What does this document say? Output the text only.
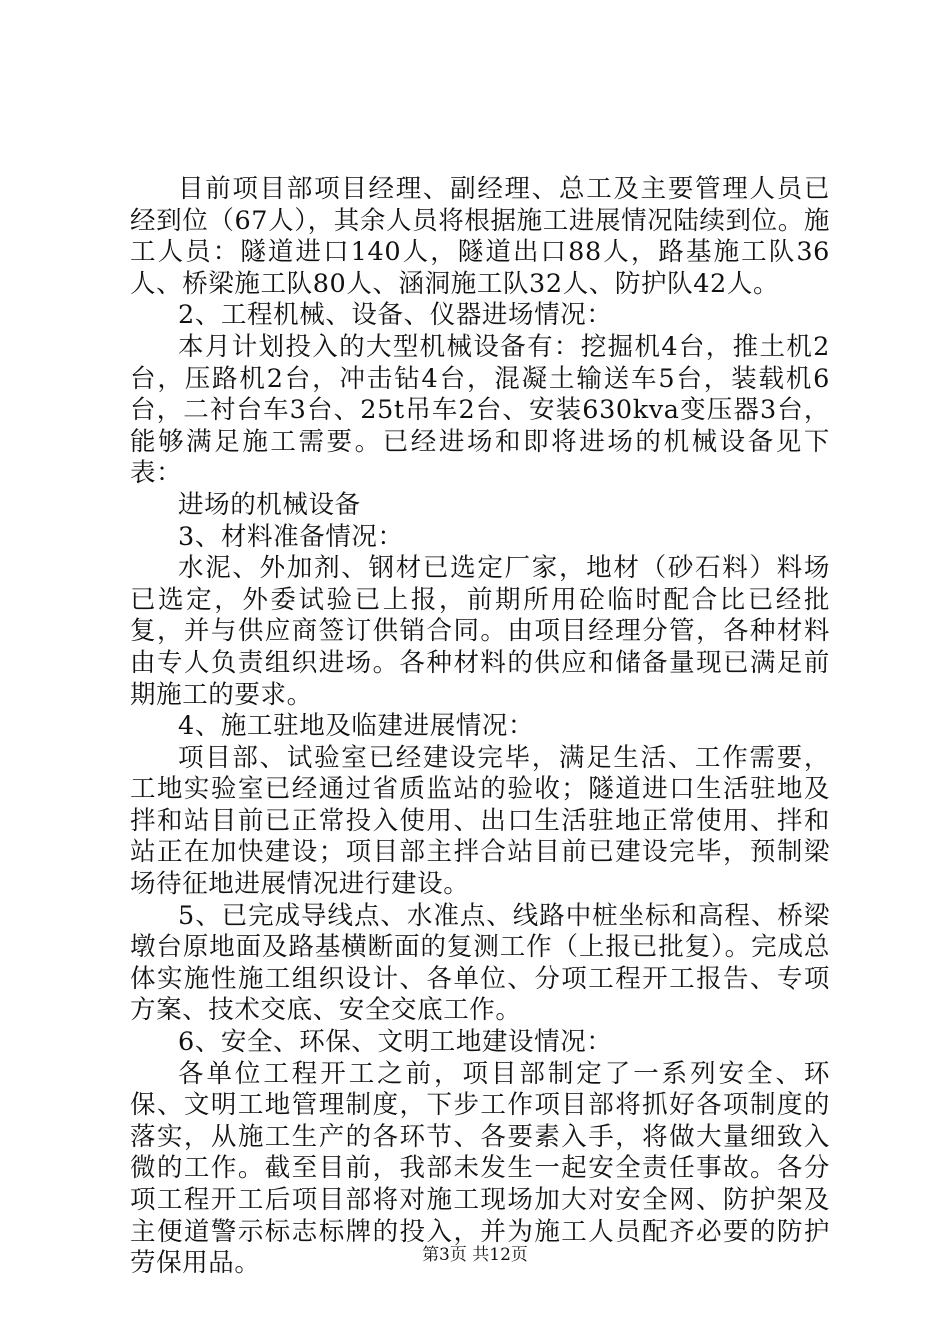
目前项目部项目经理、副经理、总工及主要管理人员已经到位（67人），其余人员将根据施工进展情况陆续到位。施工人员：隧道进口140人，隧道出口88人，路基施工队36人、桥梁施工队80人、涵洞施工队32人、防护队42人。

2、工程机械、设备、仪器进场情况：

本月计划投入的大型机械设备有：挖掘机4台，推土机2台，压路机2台，冲击钻4台，混凝土输送车5台，装载机6台，二衬台车3台、25t吊车2台、安装630kva变压器3台，能够满足施工需要。已经进场和即将进场的机械设备见下表：

进场的机械设备

3、材料准备情况：

水泥、外加剂、钢材已选定厂家，地材（砂石料）料场已选定，外委试验已上报，前期所用砼临时配合比已经批复，并与供应商签订供销合同。由项目经理分管，各种材料由专人负责组织进场。各种材料的供应和储备量现已满足前期施工的要求。

4、施工驻地及临建进展情况：

项目部、试验室已经建设完毕，满足生活、工作需要，工地实验室已经通过省质监站的验收；隧道进口生活驻地及拌和站目前已正常投入使用、出口生活驻地正常使用、拌和站正在加快建设；项目部主拌合站目前已建设完毕，预制梁场待征地进展情况进行建设。

5、已完成导线点、水准点、线路中桩坐标和高程、桥梁墩台原地面及路基横断面的复测工作（上报已批复）。完成总体实施性施工组织设计、各单位、分项工程开工报告、专项方案、技术交底、安全交底工作。

6、安全、环保、文明工地建设情况：

各单位工程开工之前，项目部制定了一系列安全、环保、文明工地管理制度，下步工作项目部将抓好各项制度的落实，从施工生产的各环节、各要素入手，将做大量细致入微的工作。截至目前，我部未发生一起安全责任事故。各分项工程开工后项目部将对施工现场加大对安全网、防护架及主便道警示标志标牌的投入，并为施工人员配齐必要的防护劳保用品。	第3页 共12页
